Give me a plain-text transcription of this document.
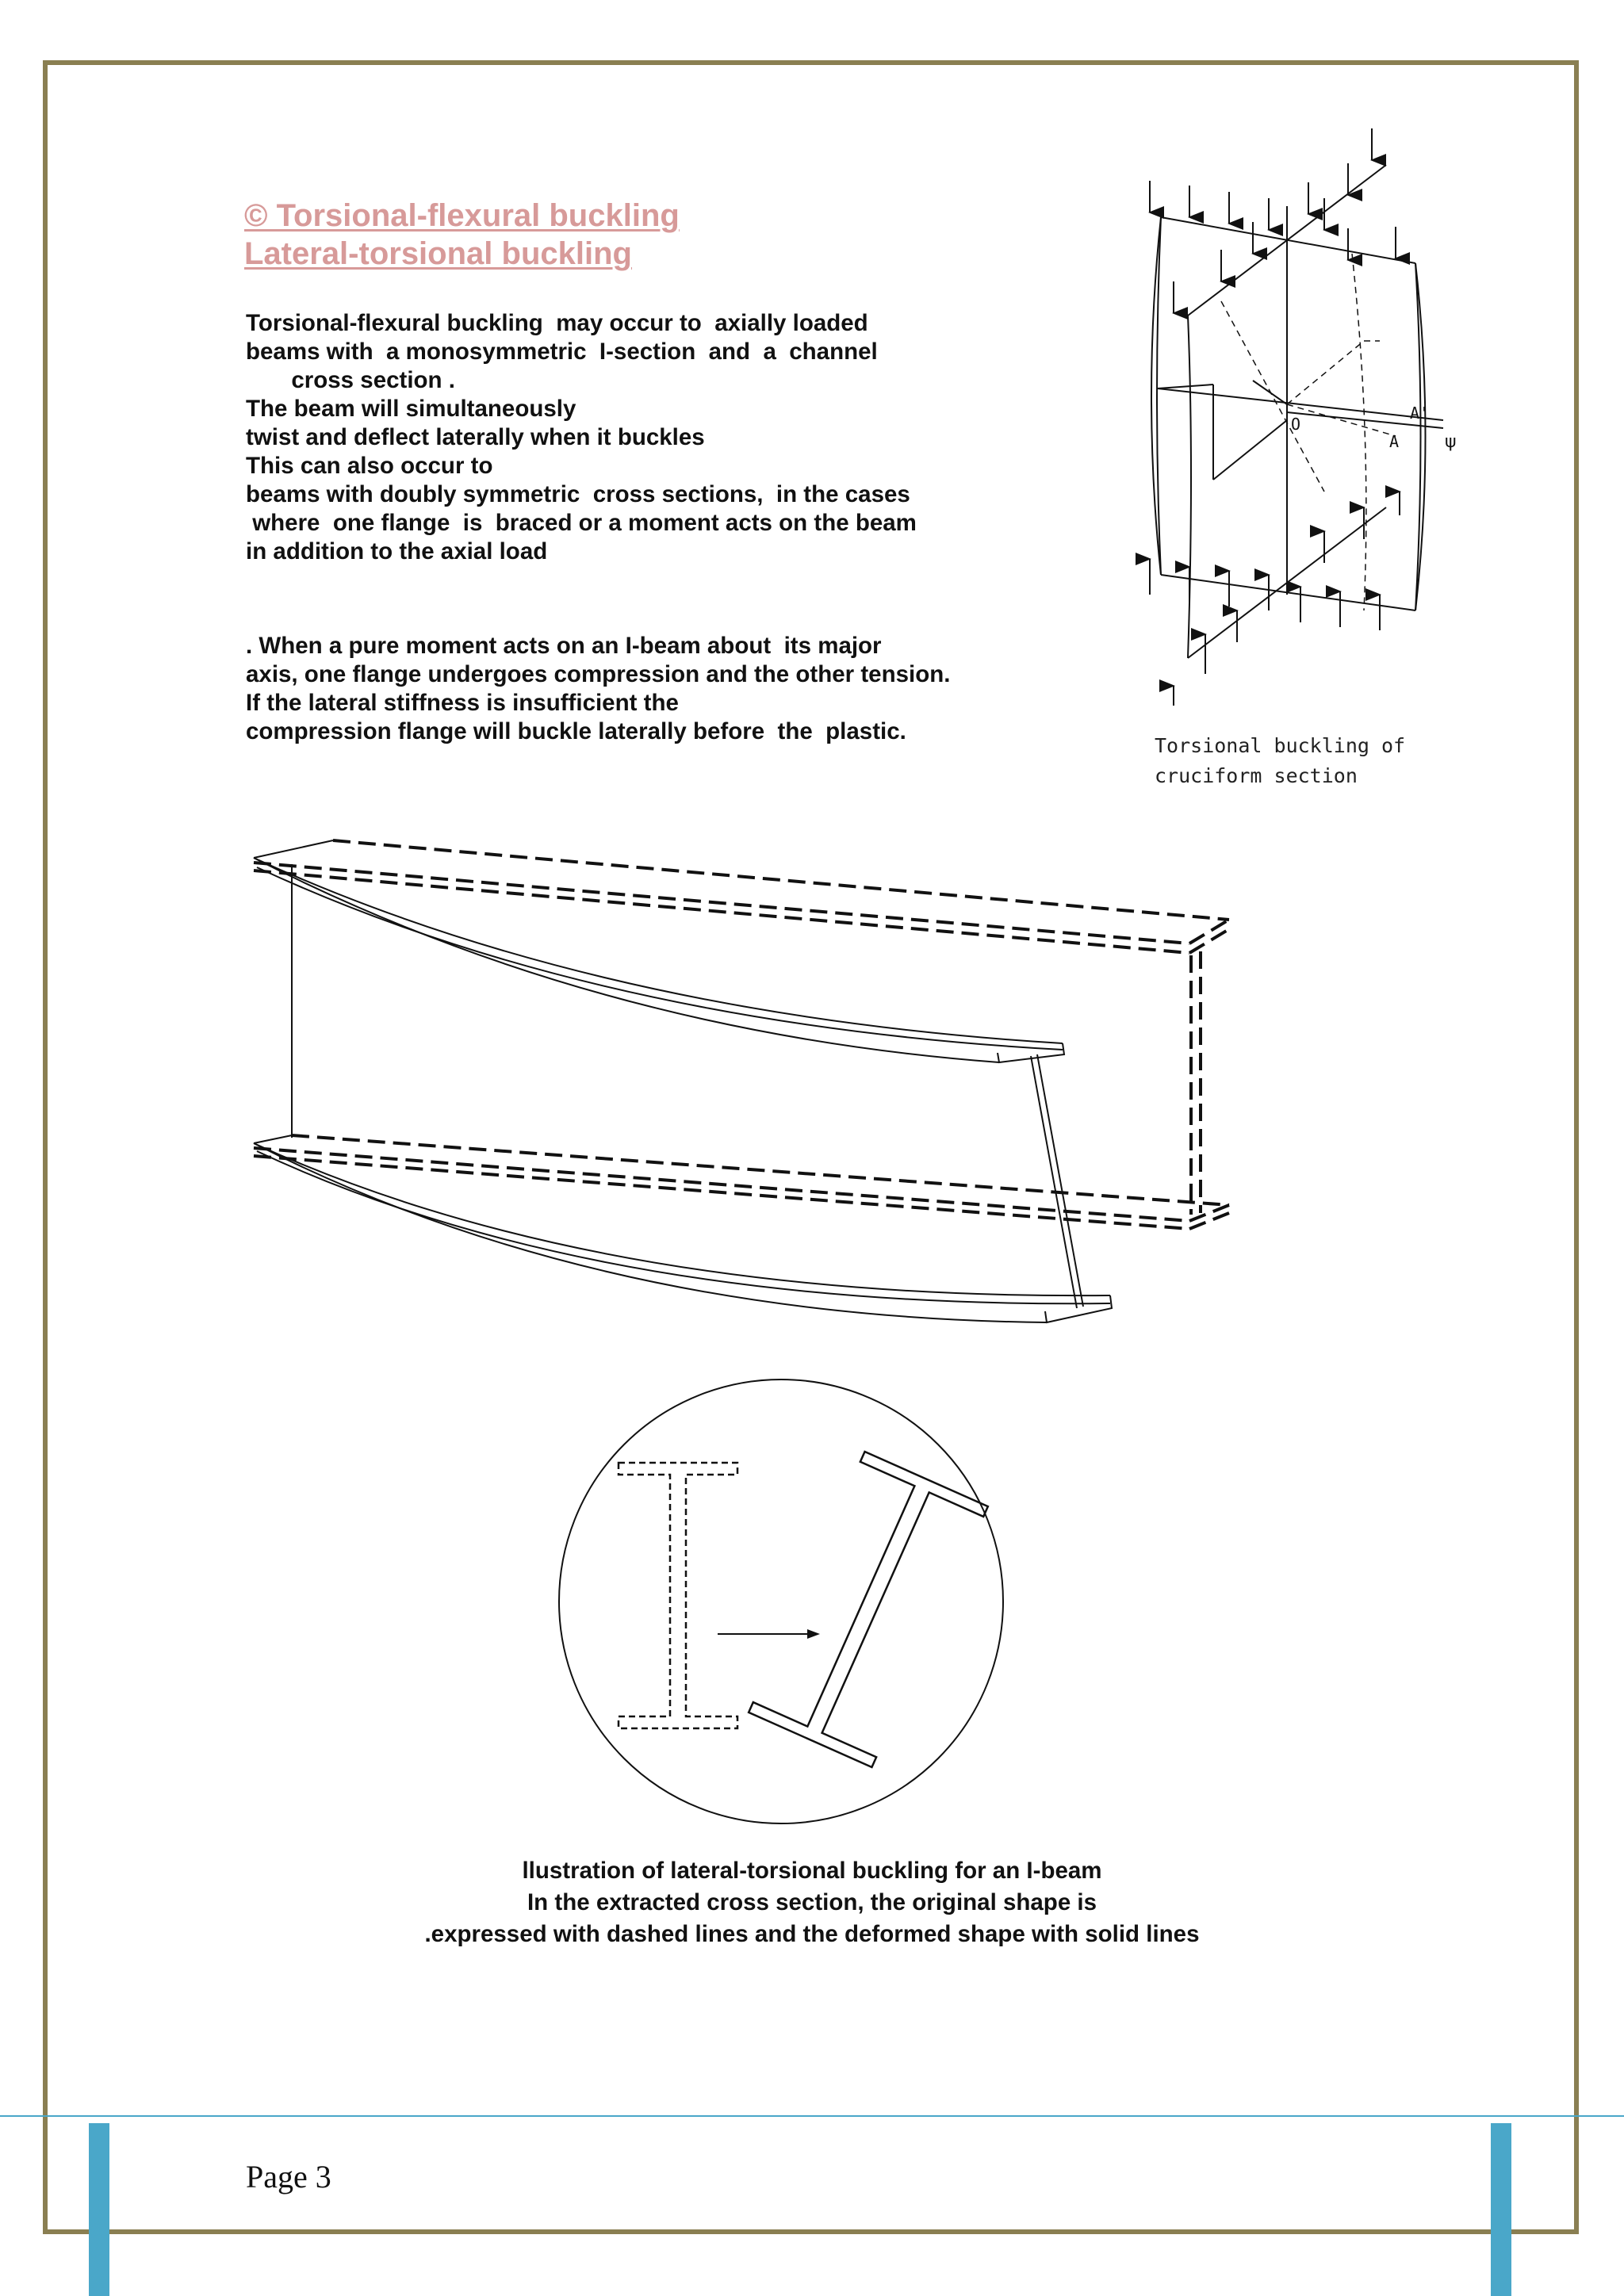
© Torsional-flexural buckling
Lateral-torsional buckling
Torsional-flexural buckling  may occur to  axially loaded
beams with  a monosymmetric  I-section  and  a  channel
cross section .
The beam will simultaneously
twist and deflect laterally when it buckles
This can also occur to
beams with doubly symmetric  cross sections,  in the cases
where  one flange  is  braced or a moment acts on the beam
in addition to the axial load
. When a pure moment acts on an I-beam about  its major
axis, one flange undergoes compression and the other tension.
If the lateral stiffness is insufficient the
compression flange will buckle laterally before  the  plastic.
O
A
A'
ψ
Torsional buckling of
cruciform section
llustration of lateral-torsional buckling for an I-beam
In the extracted cross section, the original shape is
.expressed with dashed lines and the deformed shape with solid lines
Page 3
